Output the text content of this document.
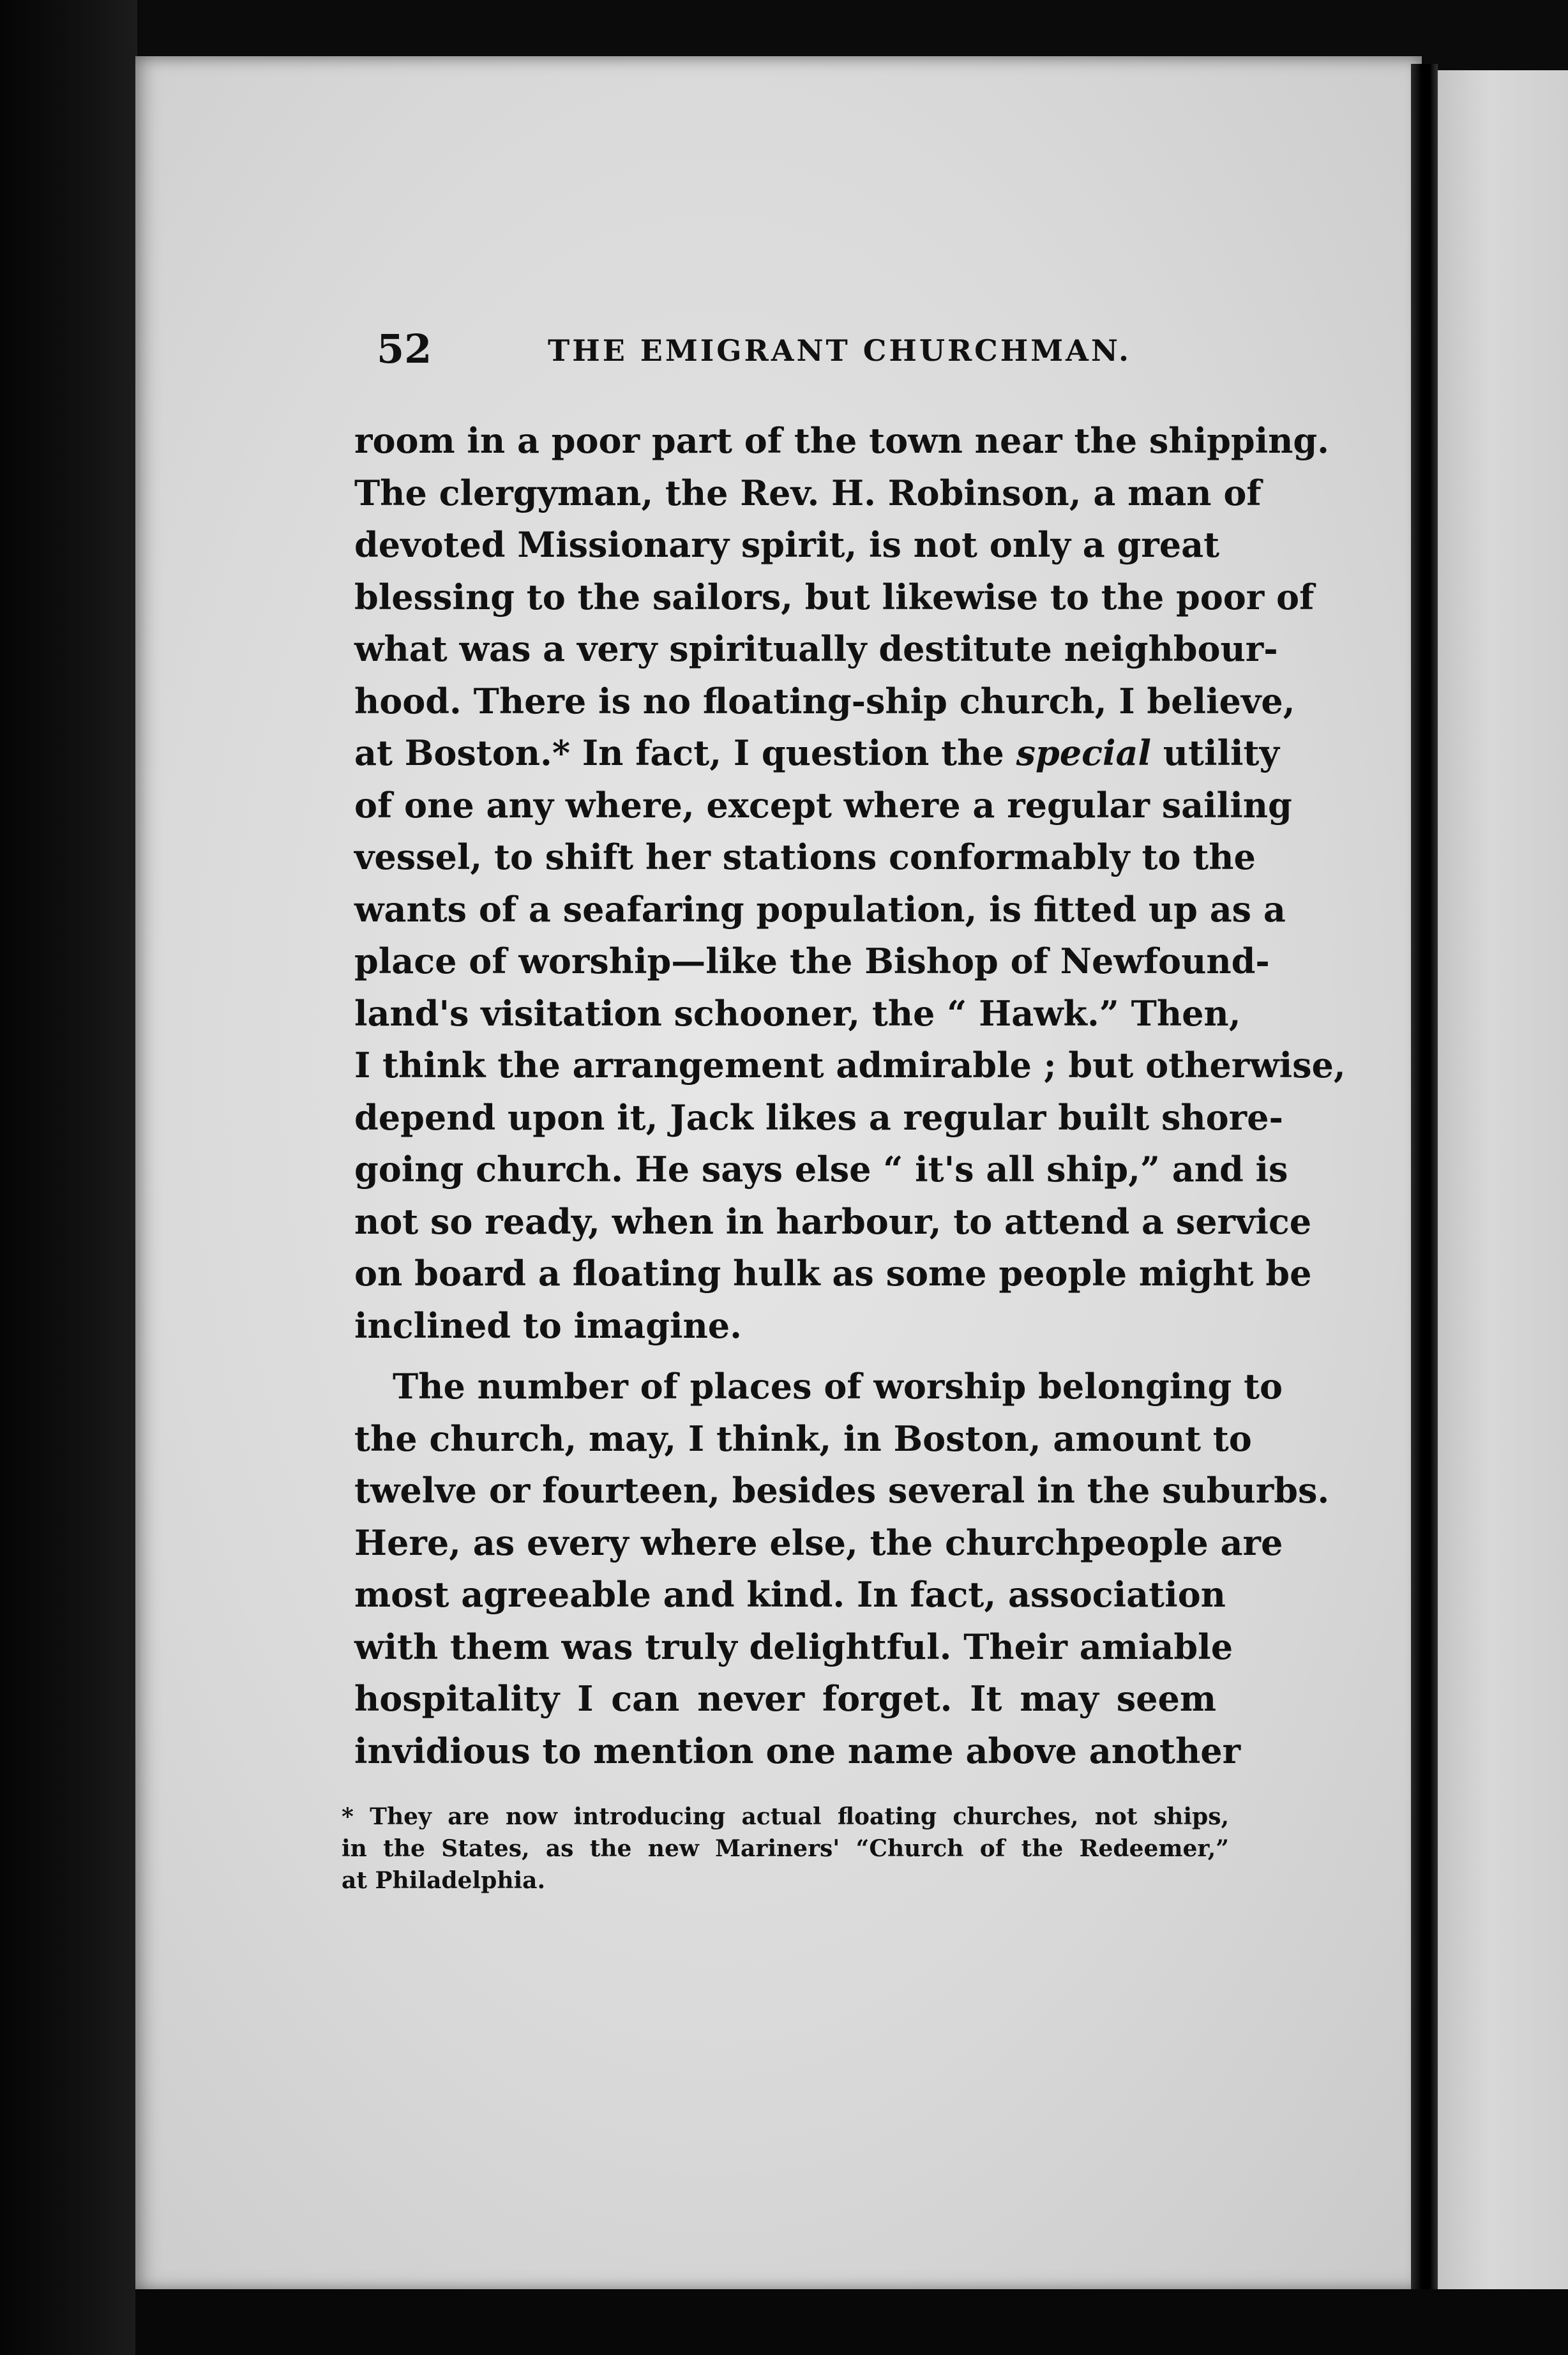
52	THE EMIGRANT CHURCHMAN.
room in a poor part of the town near the shipping.
The clergyman, the Rev. H. Robinson, a man of
devoted Missionary spirit, is not only a great
blessing to the sailors, but likewise to the poor of
what was a very spiritually destitute neighbour-
hood. There is no floating-ship church, I believe,
at Boston.* In fact, I question the special utility
of one any where, except where a regular sailing
vessel, to shift her stations conformably to the
wants of a seafaring population, is fitted up as a
place of worship—like the Bishop of Newfound-
land's visitation schooner, the “ Hawk.” Then,
I think the arrangement admirable ; but otherwise,
depend upon it, Jack likes a regular built shore-
going church. He says else “ it's all ship,” and is
not so ready, when in harbour, to attend a service
on board a floating hulk as some people might be
inclined to imagine.
The number of places of worship belonging to
the church, may, I think, in Boston, amount to
twelve or fourteen, besides several in the suburbs.
Here, as every where else, the churchpeople are
most agreeable and kind. In fact, association
with them was truly delightful. Their amiable
hospitality I can never forget. It may seem
invidious to mention one name above another
* They are now introducing actual floating churches, not ships,
in the States, as the new Mariners' “Church of the Redeemer,”
at Philadelphia.
